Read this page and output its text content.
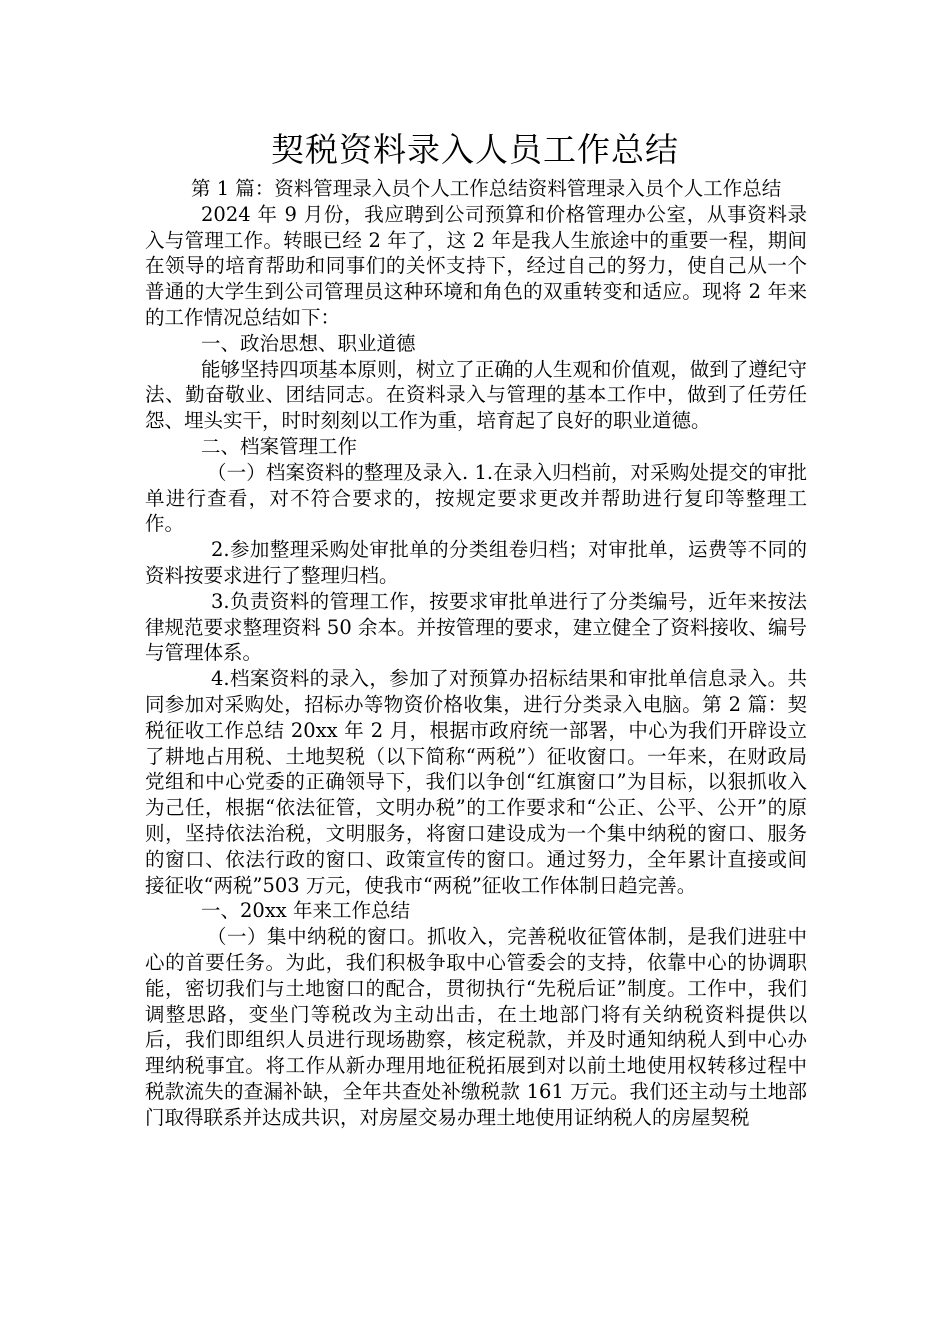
契税资料录入人员工作总结

第 1 篇：资料管理录入员个人工作总结资料管理录入员个人工作总结

2024 年 9 月份，我应聘到公司预算和价格管理办公室，从事资料录入与管理工作。转眼已经 2 年了，这 2 年是我人生旅途中的重要一程，期间在领导的培育帮助和同事们的关怀支持下，经过自己的努力，使自己从一个普通的大学生到公司管理员这种环境和角色的双重转变和适应。现将 2 年来的工作情况总结如下：

一、政治思想、职业道德

能够坚持四项基本原则，树立了正确的人生观和价值观，做到了遵纪守法、勤奋敬业、团结同志。在资料录入与管理的基本工作中，做到了任劳任怨、埋头实干，时时刻刻以工作为重，培育起了良好的职业道德。

二、档案管理工作

（一）档案资料的整理及录入. 1.在录入归档前，对采购处提交的审批单进行查看，对不符合要求的，按规定要求更改并帮助进行复印等整理工作。

2.参加整理采购处审批单的分类组卷归档；对审批单，运费等不同的资料按要求进行了整理归档。

3.负责资料的管理工作，按要求审批单进行了分类编号，近年来按法律规范要求整理资料 50 余本。并按管理的要求，建立健全了资料接收、编号与管理体系。

4.档案资料的录入，参加了对预算办招标结果和审批单信息录入。共同参加对采购处，招标办等物资价格收集，进行分类录入电脑。第 2 篇：契税征收工作总结 20xx 年 2 月，根据市政府统一部署，中心为我们开辟设立了耕地占用税、土地契税（以下简称“两税”）征收窗口。一年来，在财政局党组和中心党委的正确领导下，我们以争创“红旗窗口”为目标，以狠抓收入为己任，根据“依法征管，文明办税”的工作要求和“公正、公平、公开”的原则，坚持依法治税，文明服务，将窗口建设成为一个集中纳税的窗口、服务的窗口、依法行政的窗口、政策宣传的窗口。通过努力，全年累计直接或间接征收“两税”503 万元，使我市“两税”征收工作体制日趋完善。

一、20xx 年来工作总结

（一）集中纳税的窗口。抓收入，完善税收征管体制，是我们进驻中心的首要任务。为此，我们积极争取中心管委会的支持，依靠中心的协调职能，密切我们与土地窗口的配合，贯彻执行“先税后证”制度。工作中，我们调整思路，变坐门等税改为主动出击，在土地部门将有关纳税资料提供以后，我们即组织人员进行现场勘察，核定税款，并及时通知纳税人到中心办理纳税事宜。将工作从新办理用地征税拓展到对以前土地使用权转移过程中税款流失的查漏补缺，全年共查处补缴税款 161 万元。我们还主动与土地部门取得联系并达成共识，对房屋交易办理土地使用证纳税人的房屋契税
